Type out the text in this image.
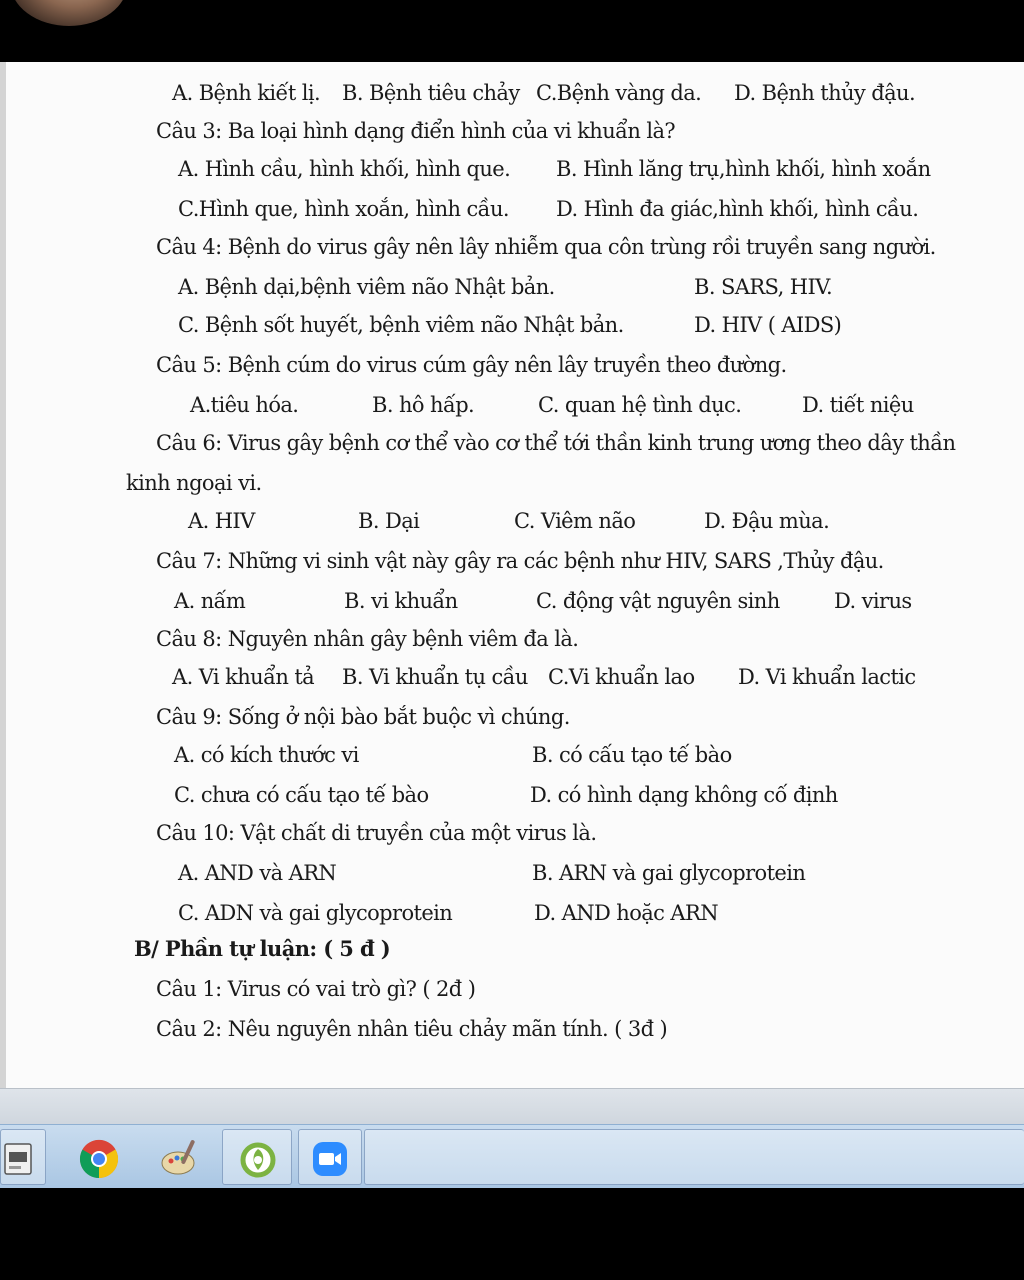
A. Bệnh kiết lị. B. Bệnh tiêu chảy C.Bệnh vàng da. D. Bệnh thủy đậu.
Câu 3: Ba loại hình dạng điển hình của vi khuẩn là?
A. Hình cầu, hình khối, hình que. B. Hình lăng trụ,hình khối, hình xoắn
C.Hình que, hình xoắn, hình cầu. D. Hình đa giác,hình khối, hình cầu.
Câu 4: Bệnh do virus gây nên lây nhiễm qua côn trùng rồi truyền sang người.
A. Bệnh dại,bệnh viêm não Nhật bản.	B. SARS, HIV.
C. Bệnh sốt huyết, bệnh viêm não Nhật bản.	D. HIV ( AIDS)
Câu 5: Bệnh cúm do virus cúm gây nên lây truyền theo đường.
A.tiêu hóa.	B. hô hấp.	C. quan hệ tình dục.	D. tiết niệu
Câu 6: Virus gây bệnh cơ thể vào cơ thể tới thần kinh trung ương theo dây thần
kinh ngoại vi.
A. HIV	B. Dại	C. Viêm não	D. Đậu mùa.
Câu 7: Những vi sinh vật này gây ra các bệnh như HIV, SARS ,Thủy đậu.
A. nấm	B. vi khuẩn	C. động vật nguyên sinh	D. virus
Câu 8: Nguyên nhân gây bệnh viêm đa là.
A. Vi khuẩn tả B. Vi khuẩn tụ cầu C.Vi khuẩn lao D. Vi khuẩn lactic
Câu 9: Sống ở nội bào bắt buộc vì chúng.
A. có kích thước vi	B. có cấu tạo tế bào
C. chưa có cấu tạo tế bào	D. có hình dạng không cố định
Câu 10: Vật chất di truyền của một virus là.
A. AND và ARN	B. ARN và gai glycoprotein
C. ADN và gai glycoprotein	D. AND hoặc ARN
B/ Phần tự luận: ( 5 đ )
Câu 1: Virus có vai trò gì? ( 2đ )
Câu 2: Nêu nguyên nhân tiêu chảy mãn tính. ( 3đ )
